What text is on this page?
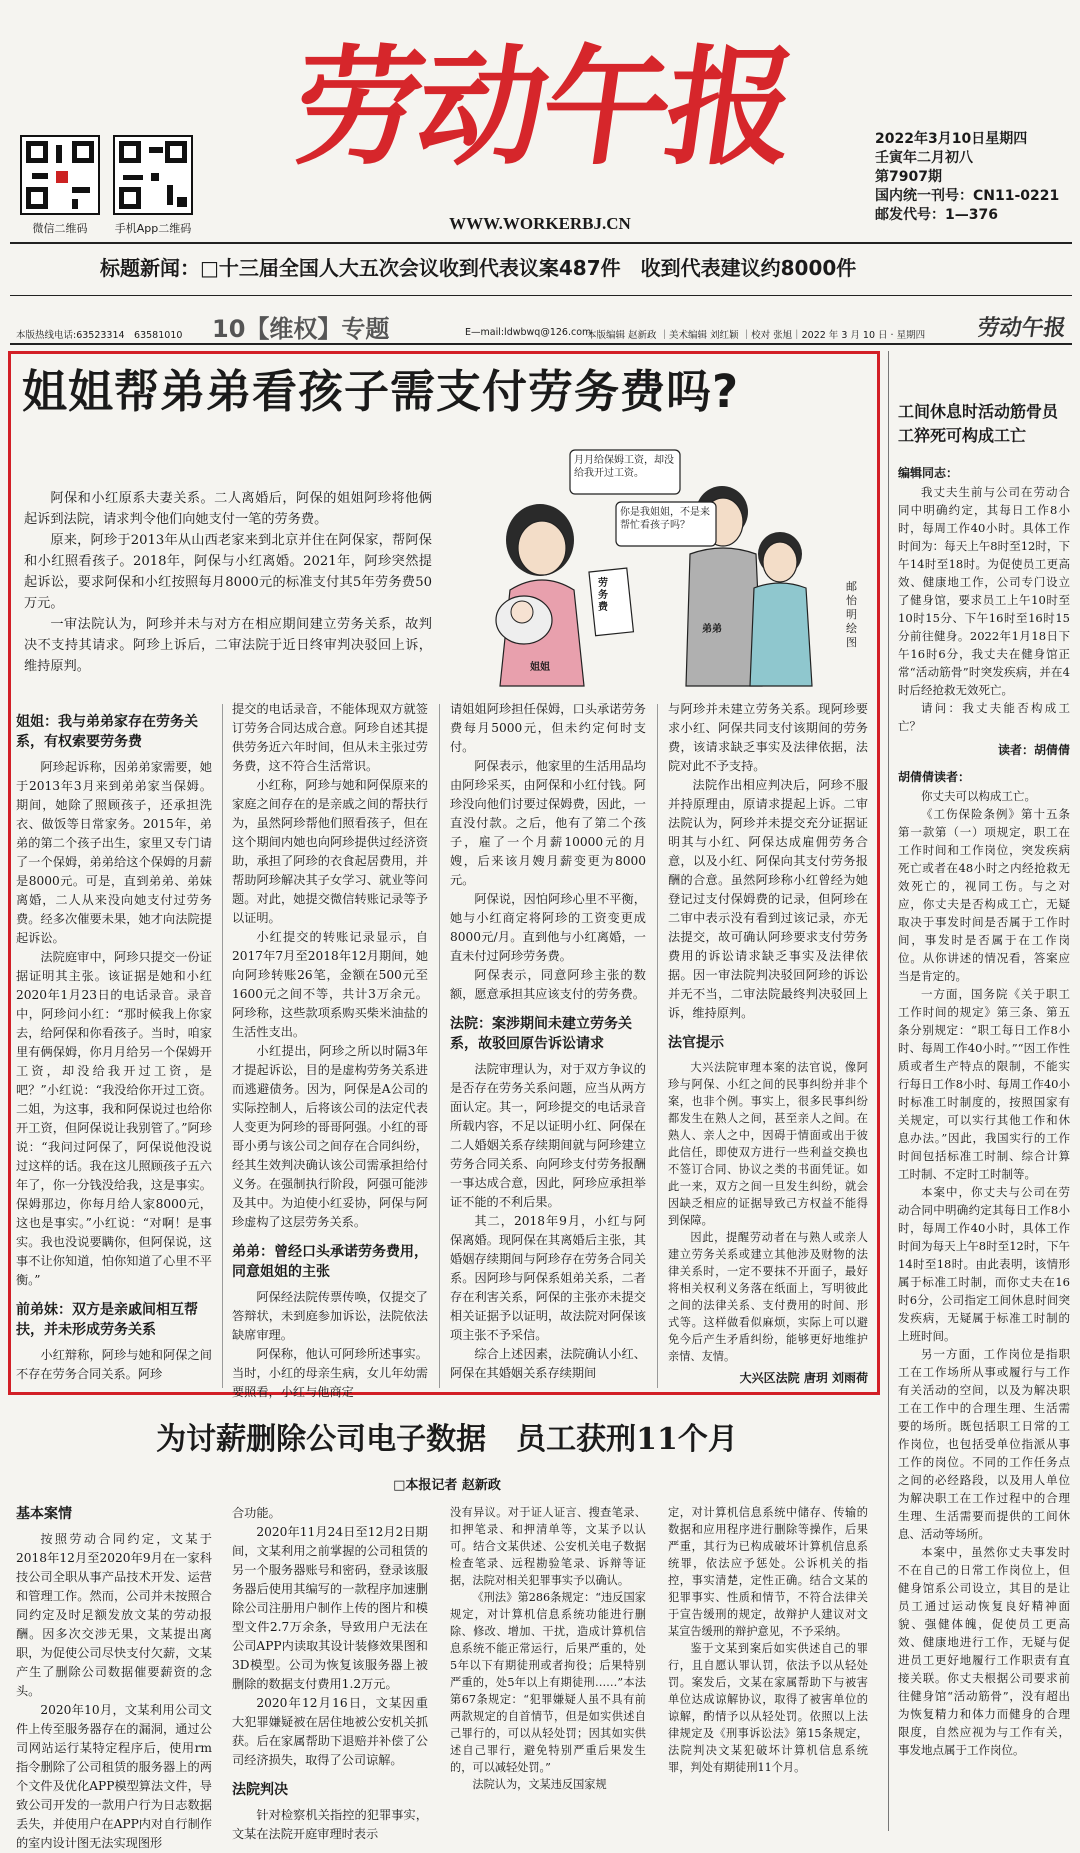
微信二维码	手机App二维码
劳动午报
WWW.WORKERBJ.CN
2022年3月10日星期四
壬寅年二月初八
第7907期
国内统一刊号：CN11-0221
邮发代号：1—376
标题新闻：□十三届全国人大五次会议收到代表议案487件　收到代表建议约8000件
本版热线电话:63523314　63581010 10【维权】专题	E—mail:ldwbwq@126.com
本版编辑 赵新政 ｜美术编辑 刘红颖 ｜校对 张旭｜2022 年 3 月 10 日 · 星期四 劳动午报
姐姐帮弟弟看孩子需支付劳务费吗?

阿保和小红原系夫妻关系。二人离婚后，阿保的姐姐阿珍将他俩起诉到法院，请求判令他们向她支付一笔的劳务费。

原来，阿珍于2013年从山西老家来到北京并住在阿保家，帮阿保和小红照看孩子。2018年，阿保与小红离婚。2021年，阿珍突然提起诉讼，要求阿保和小红按照每月8000元的标准支付其5年劳务费50万元。

一审法院认为，阿珍并未与对方在相应期间建立劳务关系，故判决不支持其请求。阿珍上诉后，二审法院于近日终审判决驳回上诉，维持原判。

月月给保姆工资，却没给我开过工资。
你是我姐姐，不是来帮忙看孩子吗？
劳务费
姐姐
弟弟
邮怡明绘图
姐姐：我与弟弟家存在劳务关系，有权索要劳务费

阿珍起诉称，因弟弟家需要，她于2013年3月来到弟弟家当保姆。期间，她除了照顾孩子，还承担洗衣、做饭等日常家务。2015年，弟弟的第二个孩子出生，家里又专门请了一个保姆，弟弟给这个保姆的月薪是8000元。可是，直到弟弟、弟妹离婚，二人从来没向她支付过劳务费。经多次催要未果，她才向法院提起诉讼。

法院庭审中，阿珍只提交一份证据证明其主张。该证据是她和小红2020年1月23日的电话录音。录音中，阿珍问小红：“那时候我上你家去，给阿保和你看孩子。当时，咱家里有俩保姆，你月月给另一个保姆开工资，却没给我开过工资，是吧？”小红说：“我没给你开过工资。二姐，为这事，我和阿保说过也给你开工资，但阿保说让我别管了。”阿珍说：“我问过阿保了，阿保说他没说过这样的话。我在这儿照顾孩子五六年了，你一分钱没给我，这是事实。保姆那边，你每月给人家8000元，这也是事实。”小红说：“对啊！是事实。我也没说要瞒你，但阿保说，这事不让你知道，怕你知道了心里不平衡。”

前弟妹：双方是亲戚间相互帮扶，并未形成劳务关系

小红辩称，阿珍与她和阿保之间不存在劳务合同关系。阿珍

提交的电话录音，不能体现双方就签订劳务合同达成合意。阿珍自述其提供劳务近六年时间，但从未主张过劳务费，这不符合生活常识。

小红称，阿珍与她和阿保原来的家庭之间存在的是亲戚之间的帮扶行为，虽然阿珍帮他们照看孩子，但在这个期间内她也向阿珍提供过经济资助，承担了阿珍的衣食起居费用，并帮助阿珍解决其子女学习、就业等问题。对此，她提交微信转账记录等予以证明。

小红提交的转账记录显示，自2017年7月至2018年12月期间，她向阿珍转账26笔，金额在500元至1600元之间不等，共计3万余元。阿珍称，这些款项系购买柴米油盐的生活性支出。

小红提出，阿珍之所以时隔3年才提起诉讼，目的是虚构劳务关系进而逃避债务。因为，阿保是A公司的实际控制人，后将该公司的法定代表人变更为阿珍的哥哥阿强。小红的哥哥小勇与该公司之间存在合同纠纷，经其生效判决确认该公司需承担给付义务。在强制执行阶段，阿强可能涉及其中。为迫使小红妥协，阿保与阿珍虚构了这层劳务关系。

弟弟：曾经口头承诺劳务费用，同意姐姐的主张

阿保经法院传票传唤，仅提交了答辩状，未到庭参加诉讼，法院依法缺席审理。

阿保称，他认可阿珍所述事实。当时，小红的母亲生病，女儿年幼需要照看，小红与他商定

请姐姐阿珍担任保姆，口头承诺劳务费每月5000元，但未约定何时支付。

阿保表示，他家里的生活用品均由阿珍采买，由阿保和小红付钱。阿珍没向他们讨要过保姆费，因此，一直没付款。之后，他有了第二个孩子，雇了一个月薪10000元的月嫂，后来该月嫂月薪变更为8000元。

阿保说，因怕阿珍心里不平衡，她与小红商定将阿珍的工资变更成8000元/月。直到他与小红离婚，一直未付过阿珍劳务费。

阿保表示，同意阿珍主张的数额，愿意承担其应该支付的劳务费。

法院：案涉期间未建立劳务关系，故驳回原告诉讼请求

法院审理认为，对于双方争议的是否存在劳务关系问题，应当从两方面认定。其一，阿珍提交的电话录音所载内容，不足以证明小红、阿保在二人婚姻关系存续期间就与阿珍建立劳务合同关系、向阿珍支付劳务报酬一事达成合意，因此，阿珍应承担举证不能的不利后果。

其二，2018年9月，小红与阿保离婚。现阿保在其离婚后主张，其婚姻存续期间与阿珍存在劳务合同关系。因阿珍与阿保系姐弟关系，二者存在利害关系，阿保的主张亦未提交相关证据予以证明，故法院对阿保该项主张不予采信。

综合上述因素，法院确认小红、阿保在其婚姻关系存续期间

与阿珍并未建立劳务关系。现阿珍要求小红、阿保共同支付该期间的劳务费，该请求缺乏事实及法律依据，法院对此不予支持。

法院作出相应判决后，阿珍不服并持原理由，原请求提起上诉。二审法院认为，阿珍并未提交充分证据证明其与小红、阿保达成雇佣劳务合意，以及小红、阿保向其支付劳务报酬的合意。虽然阿珍称小红曾经为她登记过支付保姆费的记录，但阿珍在二审中表示没有看到过该记录，亦无法提交，故可确认阿珍要求支付劳务费用的诉讼请求缺乏事实及法律依据。因一审法院判决驳回阿珍的诉讼并无不当，二审法院最终判决驳回上诉，维持原判。

法官提示

大兴法院审理本案的法官说，像阿珍与阿保、小红之间的民事纠纷并非个案，也非个例。事实上，很多民事纠纷都发生在熟人之间，甚至亲人之间。在熟人、亲人之中，因碍于情面或出于彼此信任，即使双方进行一些利益交换也不签订合同、协议之类的书面凭证。如此一来，双方之间一旦发生纠纷，就会因缺乏相应的证据导致己方权益不能得到保障。

因此，提醒劳动者在与熟人或亲人建立劳务关系或建立其他涉及财物的法律关系时，一定不要抹不开面子，最好将相关权利义务落在纸面上，写明彼此之间的法律关系、支付费用的时间、形式等。这样做看似麻烦，实际上可以避免今后产生矛盾纠纷，能够更好地维护亲情、友情。

大兴区法院 唐玥 刘雨荷
工间休息时活动筋骨员工猝死可构成工亡
编辑同志：

我丈夫生前与公司在劳动合同中明确约定，其每日工作8小时，每周工作40小时。具体工作时间为：每天上午8时至12时，下午14时至18时。为促使员工更高效、健康地工作，公司专门设立了健身馆，要求员工上午10时至10时15分、下午16时至16时15分前往健身。2022年1月18日下午16时6分，我丈夫在健身馆正常“活动筋骨”时突发疾病，并在4时后经抢救无效死亡。

请问：我丈夫能否构成工亡？

读者：胡倩倩
胡倩倩读者：

你丈夫可以构成工亡。

《工伤保险条例》第十五条第一款第（一）项规定，职工在工作时间和工作岗位，突发疾病死亡或者在48小时之内经抢救无效死亡的，视同工伤。与之对应，你丈夫是否构成工亡，无疑取决于事发时间是否属于工作时间，事发时是否属于在工作岗位。从你讲述的情况看，答案应当是肯定的。

一方面，国务院《关于职工工作时间的规定》第三条、第五条分别规定：“职工每日工作8小时、每周工作40小时。”“因工作性质或者生产特点的限制，不能实行每日工作8小时、每周工作40小时标准工时制度的，按照国家有关规定，可以实行其他工作和休息办法。”因此，我国实行的工作时间包括标准工时制、综合计算工时制、不定时工时制等。

本案中，你丈夫与公司在劳动合同中明确约定其每日工作8小时，每周工作40小时，具体工作时间为每天上午8时至12时，下午14时至18时。由此表明，该情形属于标准工时制，而你丈夫在16时6分，公司指定工间休息时间突发疾病，无疑属于标准工时制的上班时间。

另一方面，工作岗位是指职工在工作场所从事或履行与工作有关活动的空间，以及为解决职工在工作中的合理生理、生活需要的场所。既包括职工日常的工作岗位，也包括受单位指派从事工作的岗位。不同的工作任务点之间的必经路段，以及用人单位为解决职工在工作过程中的合理生理、生活需要而提供的工间休息、活动等场所。

本案中，虽然你丈夫事发时不在自己的日常工作岗位上，但健身馆系公司设立，其目的是让员工通过运动恢复良好精神面貌、强健体魄，促使员工更高效、健康地进行工作，无疑与促进员工更好地履行工作职责有直接关联。你丈夫根据公司要求前往健身馆“活动筋骨”，没有超出为恢复精力和体力而健身的合理限度，自然应视为与工作有关，事发地点属于工作岗位。

为讨薪删除公司电子数据　员工获刑11个月
□本报记者 赵新政
基本案情

按照劳动合同约定，文某于2018年12月至2020年9月在一家科技公司全职从事产品技术开发、运营和管理工作。然而，公司并未按照合同约定及时足额发放文某的劳动报酬。因多次交涉无果，文某提出离职，为促使公司尽快支付欠薪，文某产生了删除公司数据催要薪资的念头。

2020年10月，文某利用公司文件上传至服务器存在的漏洞，通过公司网站运行某特定程序后，使用rm指令删除了公司租赁的服务器上的两个文件及优化APP模型算法文件，导致公司开发的一款用户行为日志数据丢失，并使用户在APP内对自行制作的室内设计图无法实现图形

合功能。

2020年11月24日至12月2日期间，文某利用之前掌握的公司租赁的另一个服务器账号和密码，登录该服务器后使用其编写的一款程序加速删除公司注册用户制作上传的图片和模型文件2.7万余条，导致用户无法在公司APP内读取其设计装修效果图和3D模型。公司为恢复该服务器上被删除的数据支付费用1.2万元。

2020年12月16日，文某因重大犯罪嫌疑被在居住地被公安机关抓获。后在家属帮助下退赔并补偿了公司经济损失，取得了公司谅解。

法院判决

针对检察机关指控的犯罪事实，文某在法院开庭审理时表示

没有异议。对于证人证言、搜查笔录、扣押笔录、和押清单等，文某予以认可。结合文某供述、公安机关电子数据检查笔录、远程勘验笔录、诉辩等证据，法院对相关犯罪事实予以确认。

《刑法》第286条规定：“违反国家规定，对计算机信息系统功能进行删除、修改、增加、干扰，造成计算机信息系统不能正常运行，后果严重的，处5年以下有期徒刑或者拘役；后果特别严重的，处5年以上有期徒刑……”本法第67条规定：“犯罪嫌疑人虽不具有前两款规定的自首情节，但是如实供述自己罪行的，可以从轻处罚；因其如实供述自己罪行，避免特别严重后果发生的，可以减轻处罚。”

法院认为，文某违反国家规

定，对计算机信息系统中储存、传输的数据和应用程序进行删除等操作，后果严重，其行为已构成破坏计算机信息系统罪，依法应予惩处。公诉机关的指控，事实清楚，定性正确。结合文某的犯罪事实、性质和情节，不符合法律关于宣告缓刑的规定，故辩护人建议对文某宣告缓刑的辩护意见，不予采纳。

鉴于文某到案后如实供述自己的罪行，且自愿认罪认罚，依法予以从轻处罚。案发后，文某在家属帮助下与被害单位达成谅解协议，取得了被害单位的谅解，酌情予以从轻处罚。依照以上法律规定及《刑事诉讼法》第15条规定，法院判决文某犯破坏计算机信息系统罪，判处有期徒刑11个月。
